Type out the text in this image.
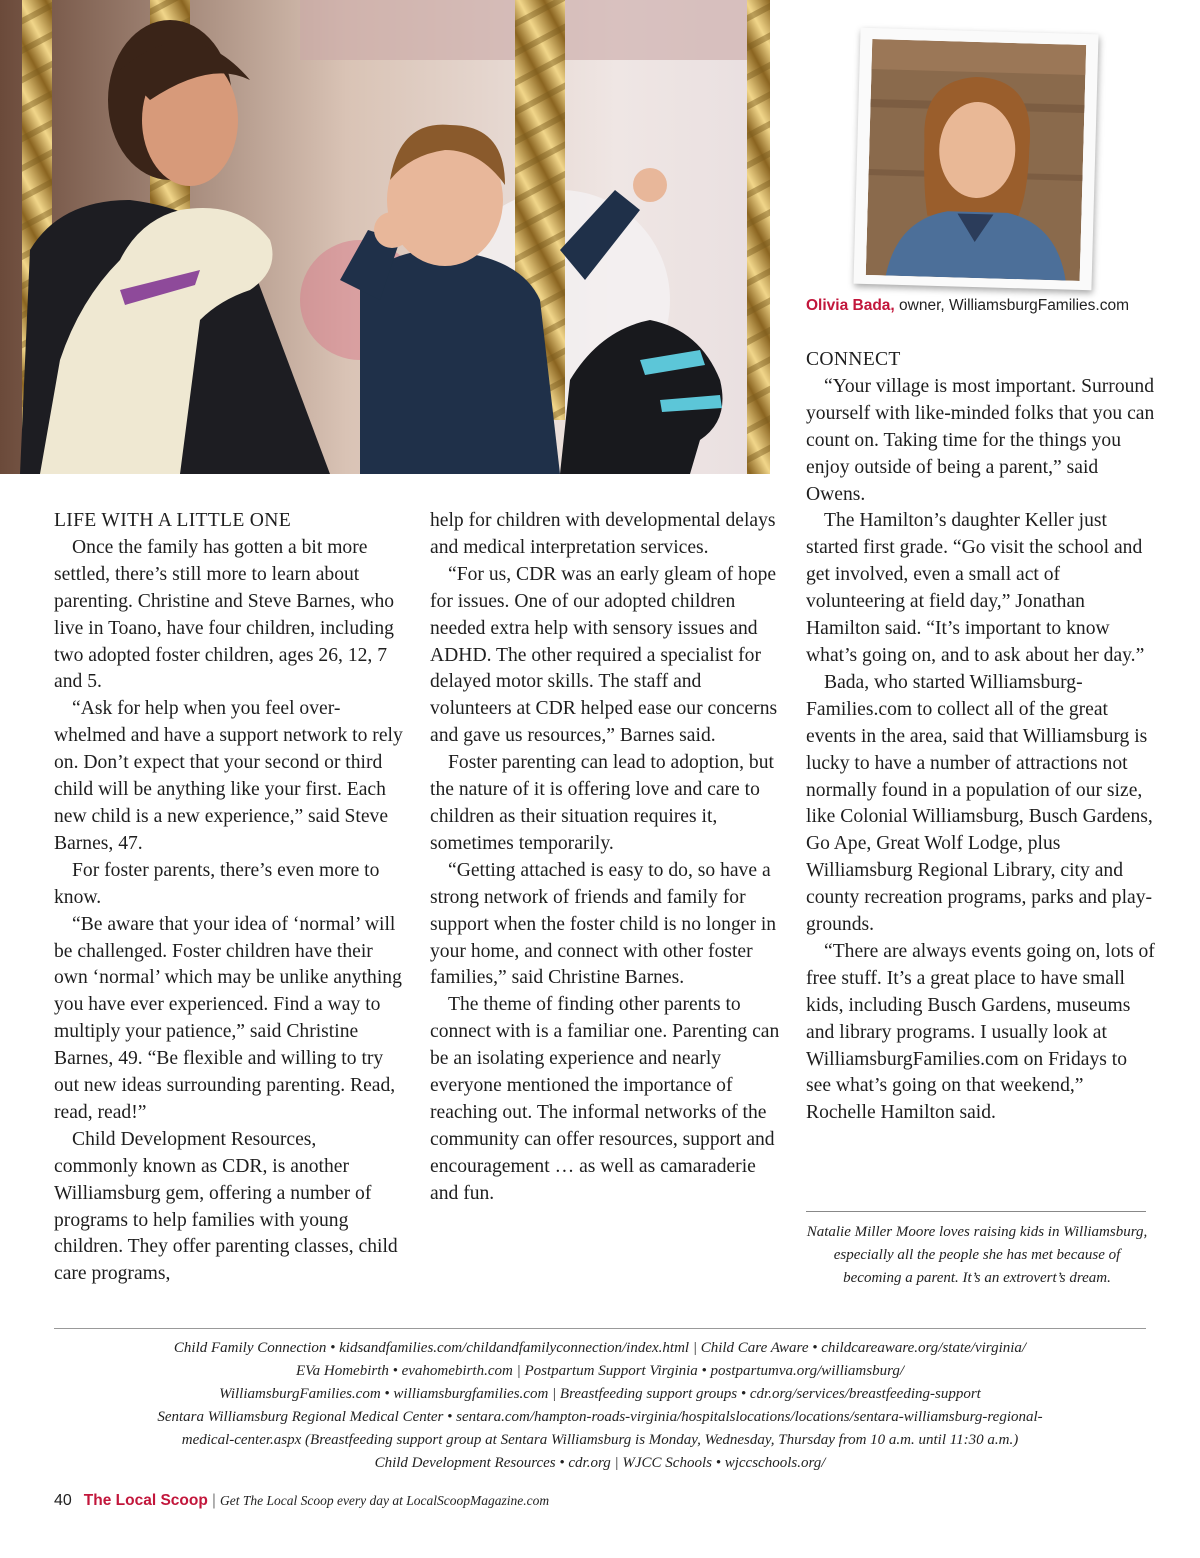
Olivia Bada, owner, WilliamsburgFamilies.com

LIFE WITH A LITTLE ONE

Once the family has gotten a bit more settled, there’s still more to learn about parenting. Christine and Steve Barnes, who live in Toano, have four children, including two adopted foster children, ages 26, 12, 7 and 5.

“Ask for help when you feel over-whelmed and have a support network to rely on. Don’t expect that your second or third child will be anything like your first. Each new child is a new experience,” said Steve Barnes, 47.

For foster parents, there’s even more to know.

“Be aware that your idea of ‘normal’ will be challenged. Foster children have their own ‘normal’ which may be unlike anything you have ever experienced. Find a way to multiply your patience,” said Christine Barnes, 49. “Be flexible and willing to try out new ideas surrounding parenting. Read, read, read!”

Child Development Resources, commonly known as CDR, is another Williamsburg gem, offering a number of programs to help families with young children. They offer parenting classes, child care programs,

help for children with developmental delays and medical interpretation services.

“For us, CDR was an early gleam of hope for issues. One of our adopted children needed extra help with sensory issues and ADHD. The other required a specialist for delayed motor skills. The staff and volunteers at CDR helped ease our concerns and gave us resources,” Barnes said.

Foster parenting can lead to adoption, but the nature of it is offering love and care to children as their situation requires it, sometimes temporarily.

“Getting attached is easy to do, so have a strong network of friends and family for support when the foster child is no longer in your home, and connect with other foster families,” said Christine Barnes.

The theme of finding other parents to connect with is a familiar one. Parenting can be an isolating experience and nearly everyone mentioned the importance of reaching out. The informal networks of the community can offer resources, support and encouragement … as well as camaraderie and fun.

CONNECT

“Your village is most important. Surround yourself with like-minded folks that you can count on. Taking time for the things you enjoy outside of being a parent,” said Owens.

The Hamilton’s daughter Keller just started first grade. “Go visit the school and get involved, even a small act of volunteering at field day,” Jonathan Hamilton said. “It’s important to know what’s going on, and to ask about her day.”

Bada, who started Williamsburg-Families.com to collect all of the great events in the area, said that Williamsburg is lucky to have a number of attractions not normally found in a population of our size, like Colonial Williamsburg, Busch Gardens, Go Ape, Great Wolf Lodge, plus Williamsburg Regional Library, city and county recreation programs, parks and play-grounds.

“There are always events going on, lots of free stuff. It’s a great place to have small kids, including Busch Gardens, museums and library programs. I usually look at WilliamsburgFamilies.com on Fridays to see what’s going on that weekend,” Rochelle Hamilton said.

Natalie Miller Moore loves raising kids in Williamsburg, especially all the people she has met because of becoming a parent. It’s an extrovert’s dream.
Child Family Connection • kidsandfamilies.com/childandfamilyconnection/index.html | Child Care Aware • childcareaware.org/state/virginia/
EVa Homebirth • evahomebirth.com | Postpartum Support Virginia • postpartumva.org/williamsburg/
WilliamsburgFamilies.com • williamsburgfamilies.com | Breastfeeding support groups • cdr.org/services/breastfeeding-support
Sentara Williamsburg Regional Medical Center • sentara.com/hampton-roads-virginia/hospitalslocations/locations/sentara-williamsburg-regional-
medical-center.aspx (Breastfeeding support group at Sentara Williamsburg is Monday, Wednesday, Thursday from 10 a.m. until 11:30 a.m.)
Child Development Resources • cdr.org | WJCC Schools • wjccschools.org/
40 The Local Scoop | Get The Local Scoop every day at LocalScoopMagazine.com
